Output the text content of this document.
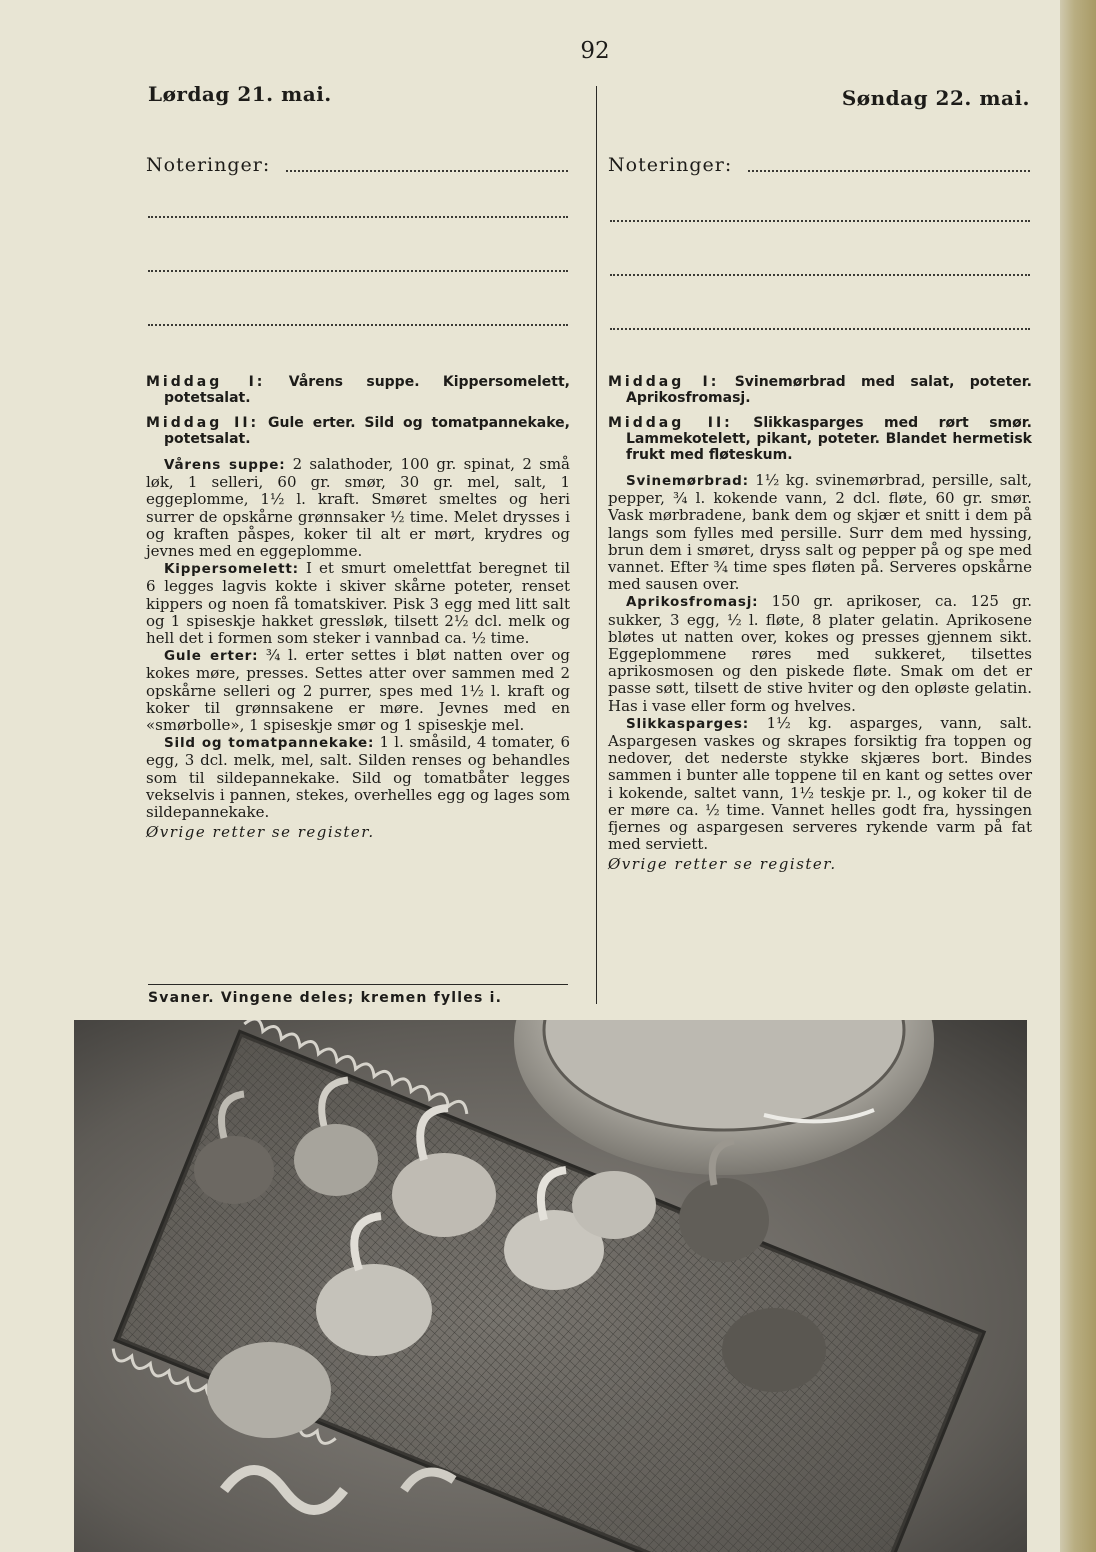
92
Lørdag 21. mai.	Søndag 22. mai.
Noteringer:	Noteringer:

Middag I: Vårens suppe. Kippersomelett, potetsalat.

Middag II: Gule erter. Sild og tomatpannekake, potetsalat.

Vårens suppe: 2 salathoder, 100 gr. spinat, 2 små løk, 1 selleri, 60 gr. smør, 30 gr. mel, salt, 1 eggeplomme, 1½ l. kraft. Smøret smeltes og heri surrer de opskårne grønnsaker ½ time. Melet drysses i og kraften påspes, koker til alt er mørt, krydres og jevnes med en eggeplomme.

Kippersomelett: I et smurt omelettfat beregnet til 6 legges lagvis kokte i skiver skårne poteter, renset kippers og noen få tomatskiver. Pisk 3 egg med litt salt og 1 spiseskje hakket gressløk, tilsett 2½ dcl. melk og hell det i formen som steker i vannbad ca. ½ time.

Gule erter: ¾ l. erter settes i bløt natten over og kokes møre, presses. Settes atter over sammen med 2 opskårne selleri og 2 purrer, spes med 1½ l. kraft og koker til grønnsakene er møre. Jevnes med en «smørbolle», 1 spiseskje smør og 1 spiseskje mel.

Sild og tomatpannekake: 1 l. småsild, 4 tomater, 6 egg, 3 dcl. melk, mel, salt. Silden renses og behandles som til sildepannekake. Sild og tomatbåter legges vekselvis i pannen, stekes, overhelles egg og lages som sildepannekake.

Øvrige retter se register.

Svaner. Vingene deles; kremen fylles i.

Middag I: Svinemørbrad med salat, poteter. Aprikosfromasj.

Middag II: Slikkasparges med rørt smør. Lammekotelett, pikant, poteter. Blandet hermetisk frukt med fløteskum.

Svinemørbrad: 1½ kg. svinemørbrad, persille, salt, pepper, ¾ l. kokende vann, 2 dcl. fløte, 60 gr. smør. Vask mørbradene, bank dem og skjær et snitt i dem på langs som fylles med persille. Surr dem med hyssing, brun dem i smøret, dryss salt og pepper på og spe med vannet. Efter ¾ time spes fløten på. Serveres opskårne med sausen over.

Aprikosfromasj: 150 gr. aprikoser, ca. 125 gr. sukker, 3 egg, ½ l. fløte, 8 plater gelatin. Aprikosene bløtes ut natten over, kokes og presses gjennem sikt. Eggeplommene røres med sukkeret, tilsettes aprikosmosen og den piskede fløte. Smak om det er passe søtt, tilsett de stive hviter og den opløste gelatin. Has i vase eller form og hvelves.

Slikkasparges: 1½ kg. asparges, vann, salt. Aspargesen vaskes og skrapes forsiktig fra toppen og nedover, det nederste stykke skjæres bort. Bindes sammen i bunter alle toppene til en kant og settes over i kokende, saltet vann, 1½ teskje pr. l., og koker til de er møre ca. ½ time. Vannet helles godt fra, hyssingen fjernes og aspargesen serveres rykende varm på fat med serviett.

Øvrige retter se register.
